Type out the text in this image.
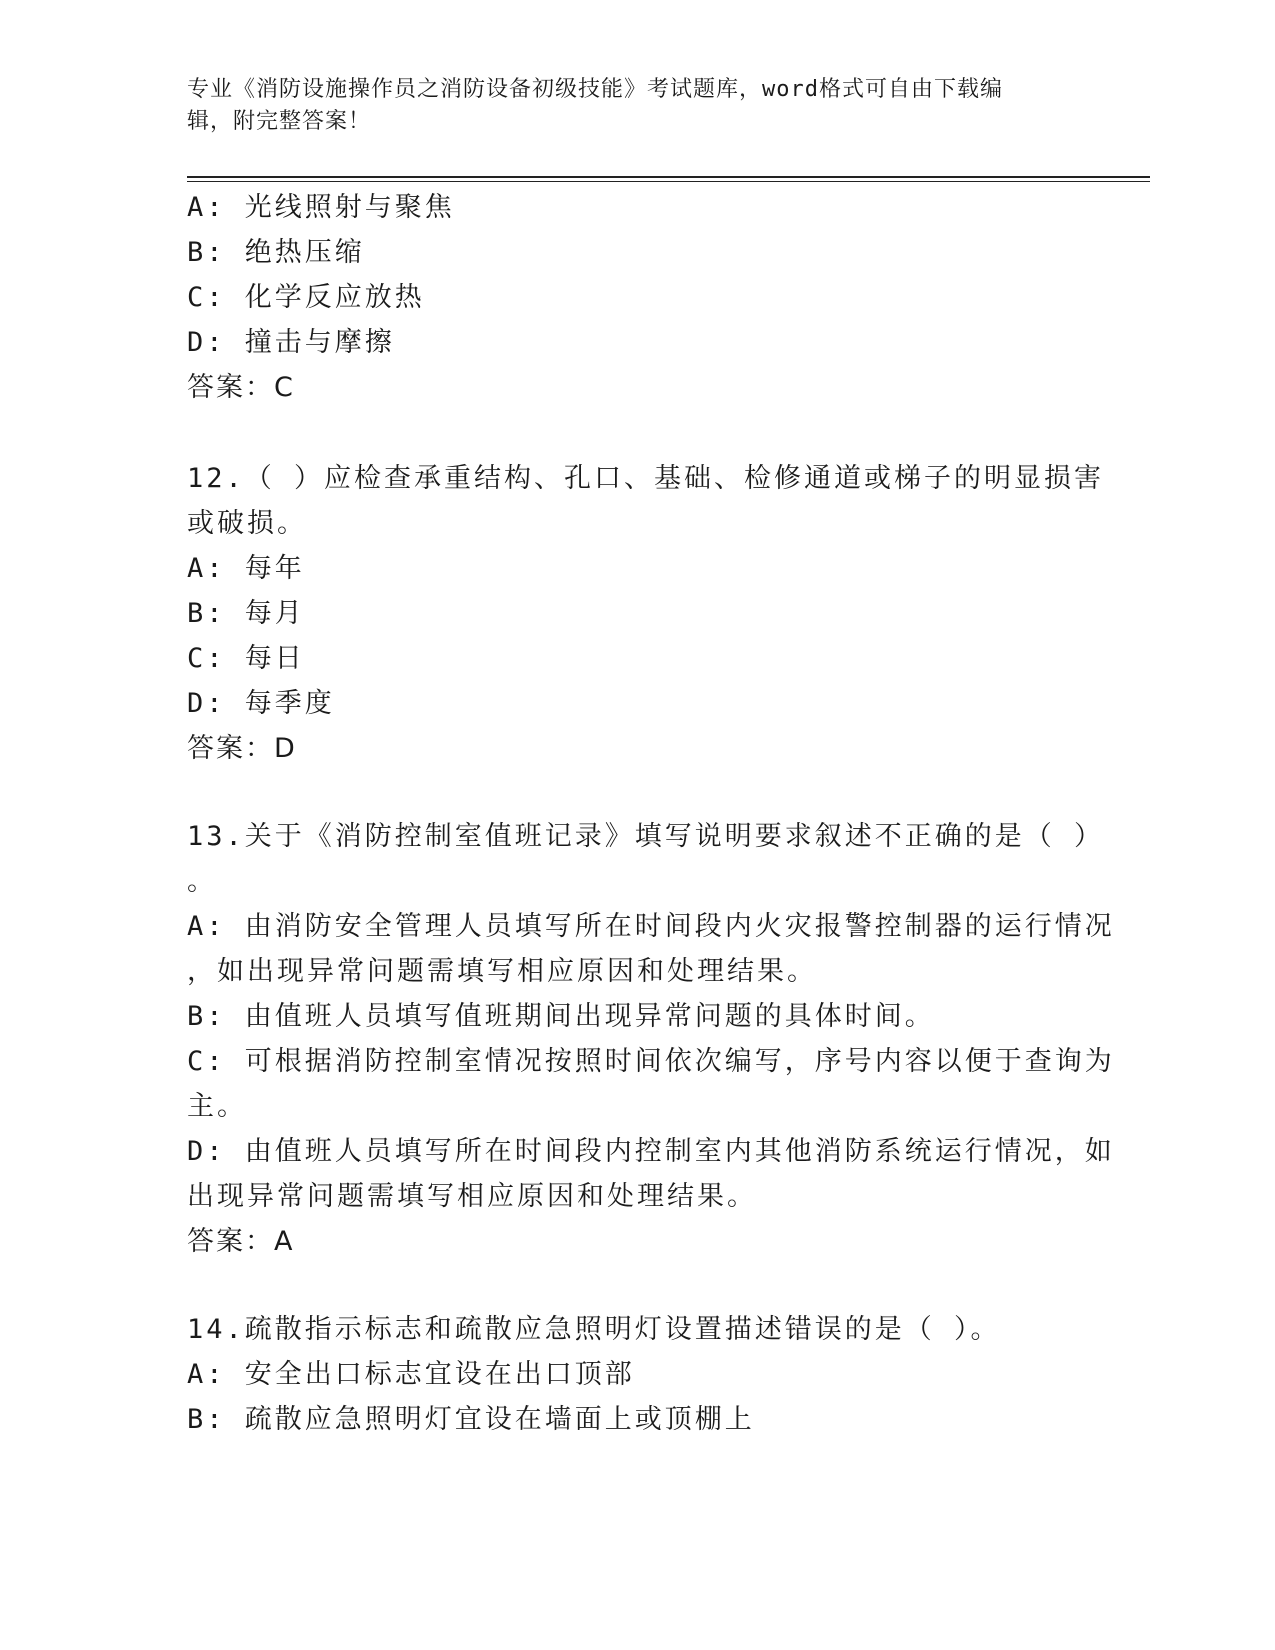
专业《消防设施操作员之消防设备初级技能》考试题库，word格式可自由下载编
辑，附完整答案！
A: 光线照射与聚焦
B: 绝热压缩
C: 化学反应放热
D: 撞击与摩擦
答案：C
12.（ ）应检查承重结构、孔口、基础、检修通道或梯子的明显损害
或破损。
A: 每年
B: 每月
C: 每日
D: 每季度
答案：D
13.关于《消防控制室值班记录》填写说明要求叙述不正确的是（ ）
。
A: 由消防安全管理人员填写所在时间段内火灾报警控制器的运行情况
，如出现异常问题需填写相应原因和处理结果。
B: 由值班人员填写值班期间出现异常问题的具体时间。
C: 可根据消防控制室情况按照时间依次编写，序号内容以便于查询为
主。
D: 由值班人员填写所在时间段内控制室内其他消防系统运行情况，如
出现异常问题需填写相应原因和处理结果。
答案：A
14.疏散指示标志和疏散应急照明灯设置描述错误的是（ ）。
A: 安全出口标志宜设在出口顶部
B: 疏散应急照明灯宜设在墙面上或顶棚上
